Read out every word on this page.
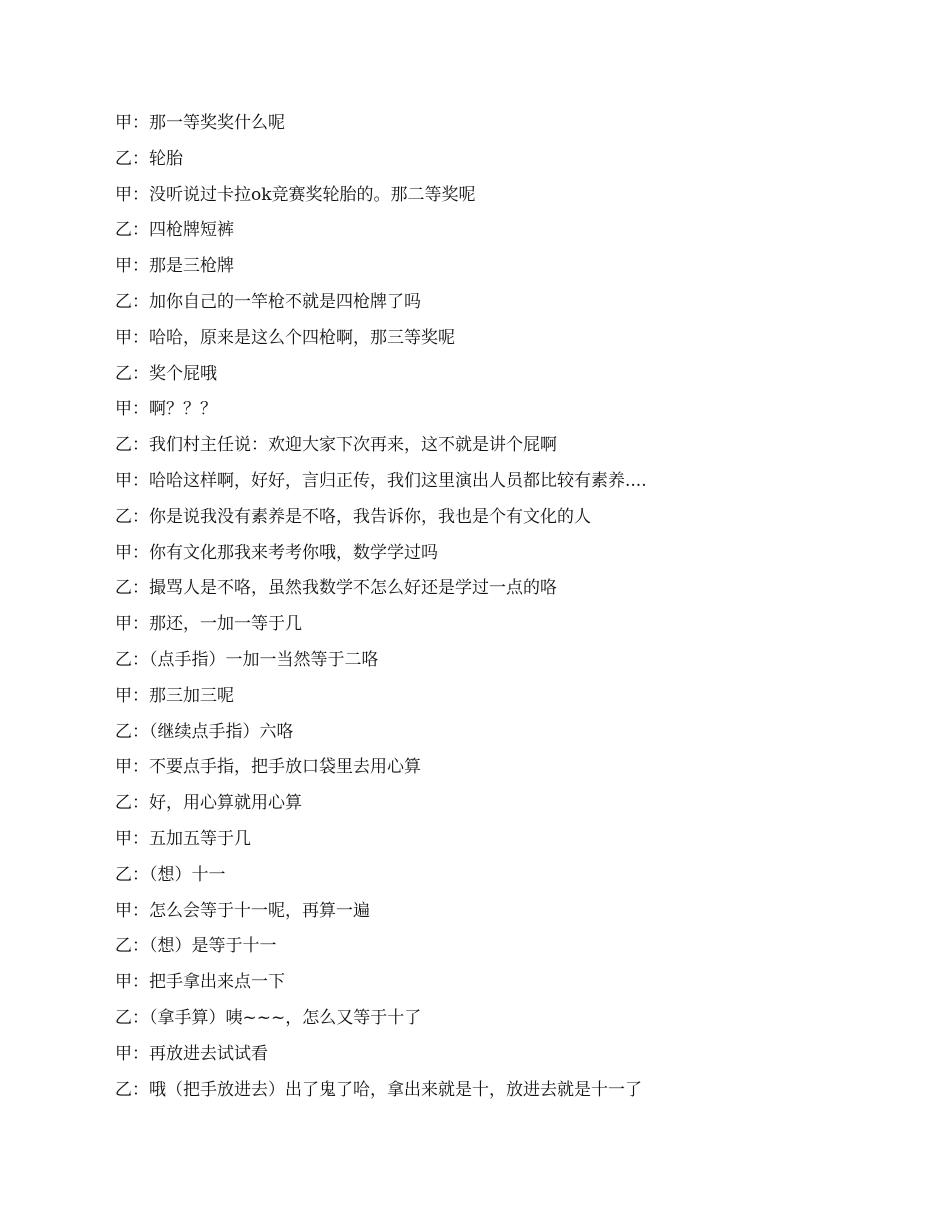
甲：那一等奖奖什么呢
乙：轮胎
甲：没听说过卡拉ok竞赛奖轮胎的。那二等奖呢
乙：四枪牌短裤
甲：那是三枪牌
乙：加你自己的一竿枪不就是四枪牌了吗
甲：哈哈，原来是这么个四枪啊，那三等奖呢
乙：奖个屁哦
甲：啊？？？
乙：我们村主任说：欢迎大家下次再来，这不就是讲个屁啊
甲：哈哈这样啊，好好，言归正传，我们这里演出人员都比较有素养....
乙：你是说我没有素养是不咯，我告诉你，我也是个有文化的人
甲：你有文化那我来考考你哦，数学学过吗
乙：撮骂人是不咯，虽然我数学不怎么好还是学过一点的咯
甲：那还，一加一等于几
乙：（点手指）一加一当然等于二咯
甲：那三加三呢
乙：（继续点手指）六咯
甲：不要点手指，把手放口袋里去用心算
乙：好，用心算就用心算
甲：五加五等于几
乙：（想）十一
甲：怎么会等于十一呢，再算一遍
乙：（想）是等于十一
甲：把手拿出来点一下
乙：（拿手算）咦~~~，怎么又等于十了
甲：再放进去试试看
乙：哦（把手放进去）出了鬼了哈，拿出来就是十，放进去就是十一了
